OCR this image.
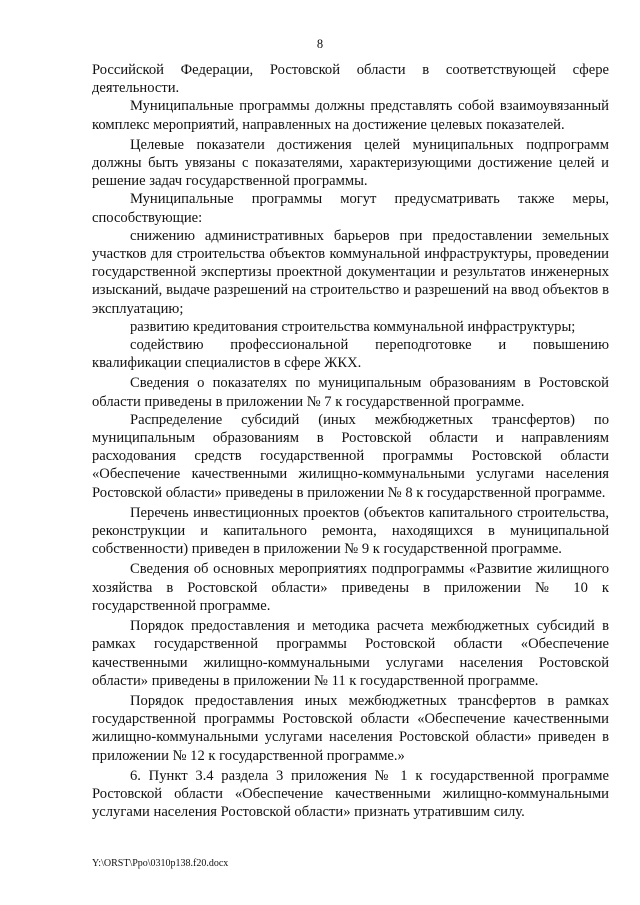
8

Российской Федерации, Ростовской области в соответствующей сфере деятельности.

Муниципальные программы должны представлять собой взаимоувязанный комплекс мероприятий, направленных на достижение целевых показателей.

Целевые показатели достижения целей муниципальных подпрограмм должны быть увязаны с показателями, характеризующими достижение целей и решение задач государственной программы.

Муниципальные программы могут предусматривать также меры, способствующие:

снижению административных барьеров при предоставлении земельных участков для строительства объектов коммунальной инфраструктуры, проведении государственной экспертизы проектной документации и результатов инженерных изысканий, выдаче разрешений на строительство и разрешений на ввод объектов в эксплуатацию;

развитию кредитования строительства коммунальной инфраструктуры;

содействию профессиональной переподготовке и повышению квалификации специалистов в сфере ЖКХ.

Сведения о показателях по муниципальным образованиям в Ростовской области приведены в приложении № 7 к государственной программе.

Распределение субсидий (иных межбюджетных трансфертов) по муниципальным образованиям в Ростовской области и направлениям расходования средств государственной программы Ростовской области «Обеспечение качественными жилищно-коммунальными услугами населения Ростовской области» приведены в приложении № 8 к государственной программе.

Перечень инвестиционных проектов (объектов капитального строительства, реконструкции и капитального ремонта, находящихся в муниципальной собственности) приведен в приложении № 9 к государственной программе.

Сведения об основных мероприятиях подпрограммы «Развитие жилищного хозяйства в Ростовской области» приведены в приложении № 10 к государственной программе.

Порядок предоставления и методика расчета межбюджетных субсидий в рамках государственной программы Ростовской области «Обеспечение качественными жилищно-коммунальными услугами населения Ростовской области» приведены в приложении № 11 к государственной программе.

Порядок предоставления иных межбюджетных трансфертов в рамках государственной программы Ростовской области «Обеспечение качественными жилищно-коммунальными услугами населения Ростовской области» приведен в приложении № 12 к государственной программе.»

6. Пункт 3.4 раздела 3 приложения № 1 к государственной программе Ростовской области «Обеспечение качественными жилищно-коммунальными услугами населения Ростовской области» признать утратившим силу.

Y:\ORST\Ppo\0310p138.f20.docx
